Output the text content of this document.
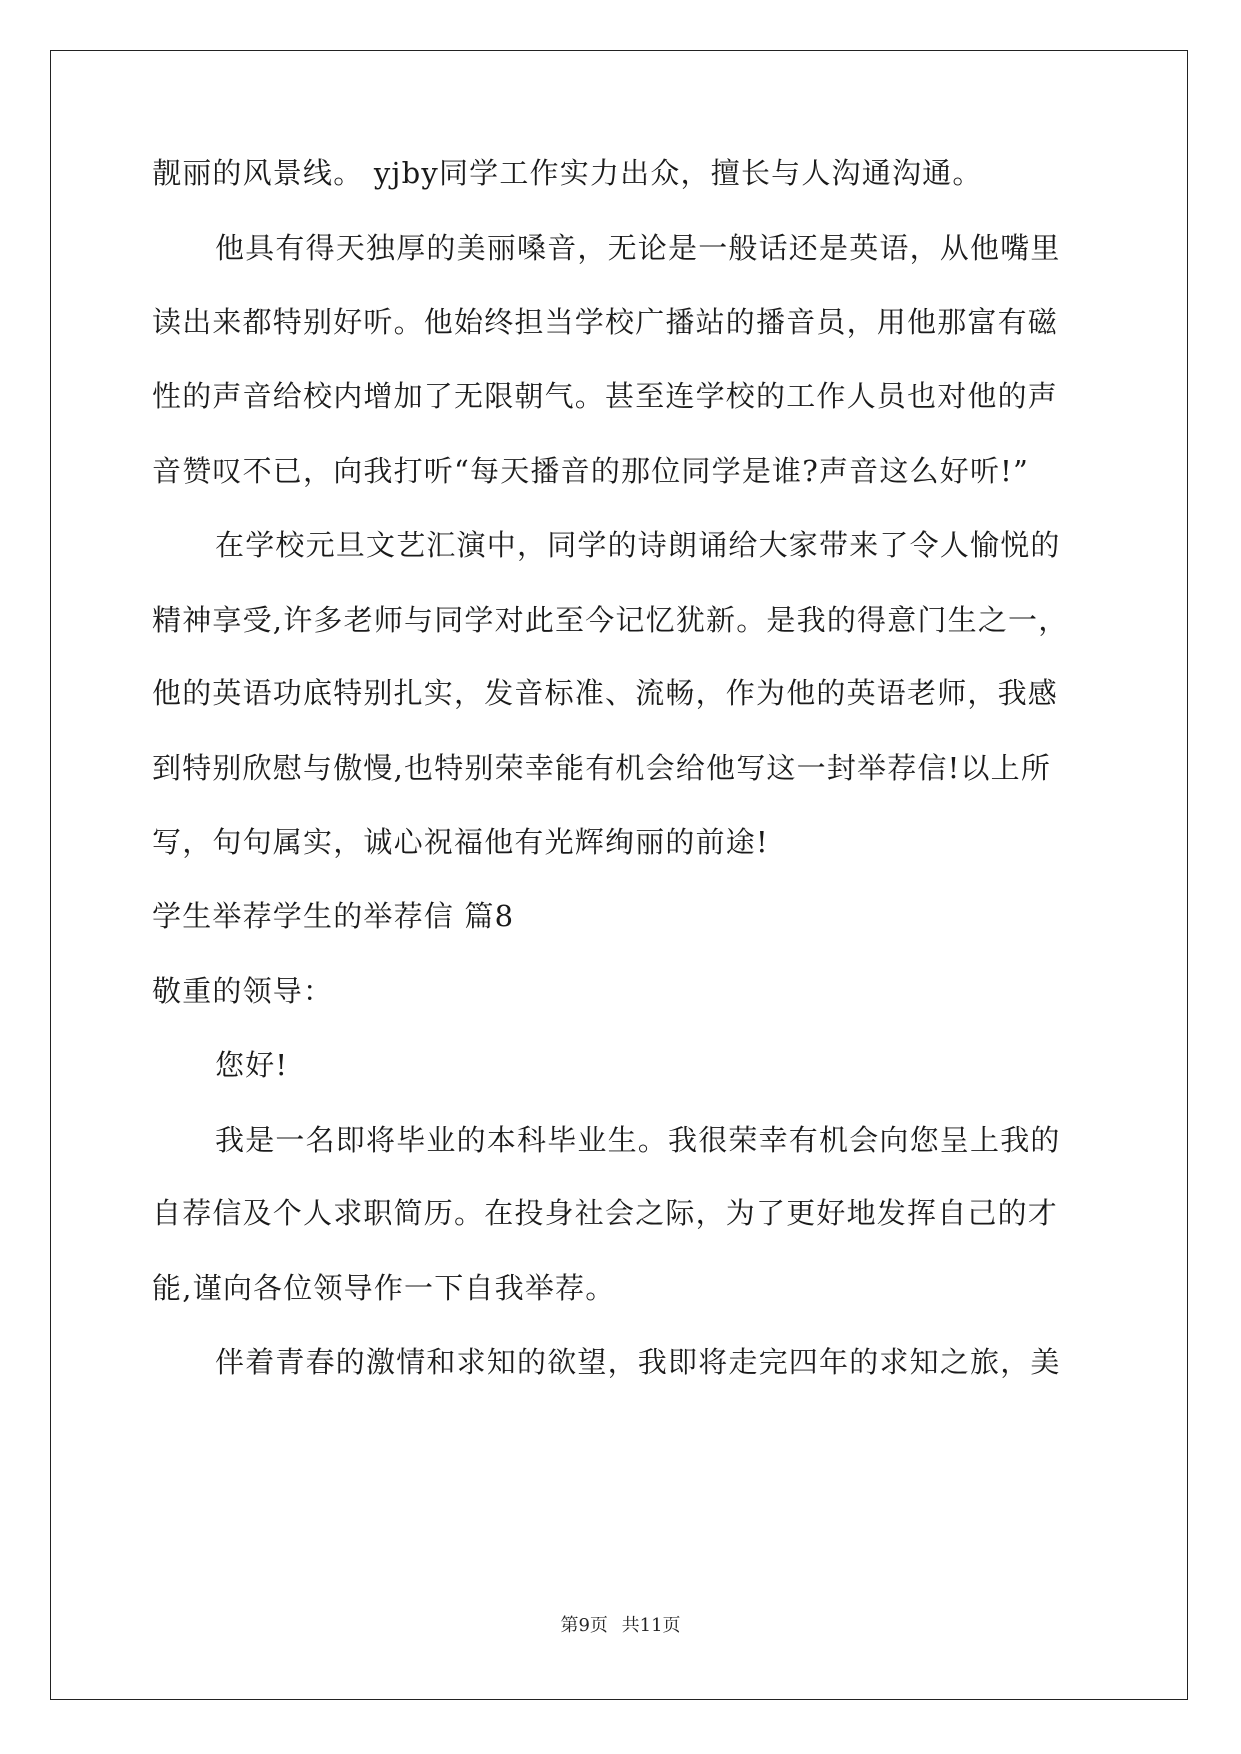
靓丽的风景线。 yjby同学工作实力出众，擅长与人沟通沟通。
他具有得天独厚的美丽嗓音，无论是一般话还是英语，从他嘴里
读出来都特别好听。他始终担当学校广播站的播音员，用他那富有磁
性的声音给校内增加了无限朝气。甚至连学校的工作人员也对他的声
音赞叹不已，向我打听“每天播音的那位同学是谁?声音这么好听!”
在学校元旦文艺汇演中，同学的诗朗诵给大家带来了令人愉悦的
精神享受,许多老师与同学对此至今记忆犹新。是我的得意门生之一，
他的英语功底特别扎实，发音标准、流畅，作为他的英语老师，我感
到特别欣慰与傲慢,也特别荣幸能有机会给他写这一封举荐信!以上所
写，句句属实，诚心祝福他有光辉绚丽的前途!
学生举荐学生的举荐信 篇8
敬重的领导：
您好!
我是一名即将毕业的本科毕业生。我很荣幸有机会向您呈上我的
自荐信及个人求职简历。在投身社会之际，为了更好地发挥自己的才
能,谨向各位领导作一下自我举荐。
伴着青春的激情和求知的欲望，我即将走完四年的求知之旅，美
第9页 共11页
